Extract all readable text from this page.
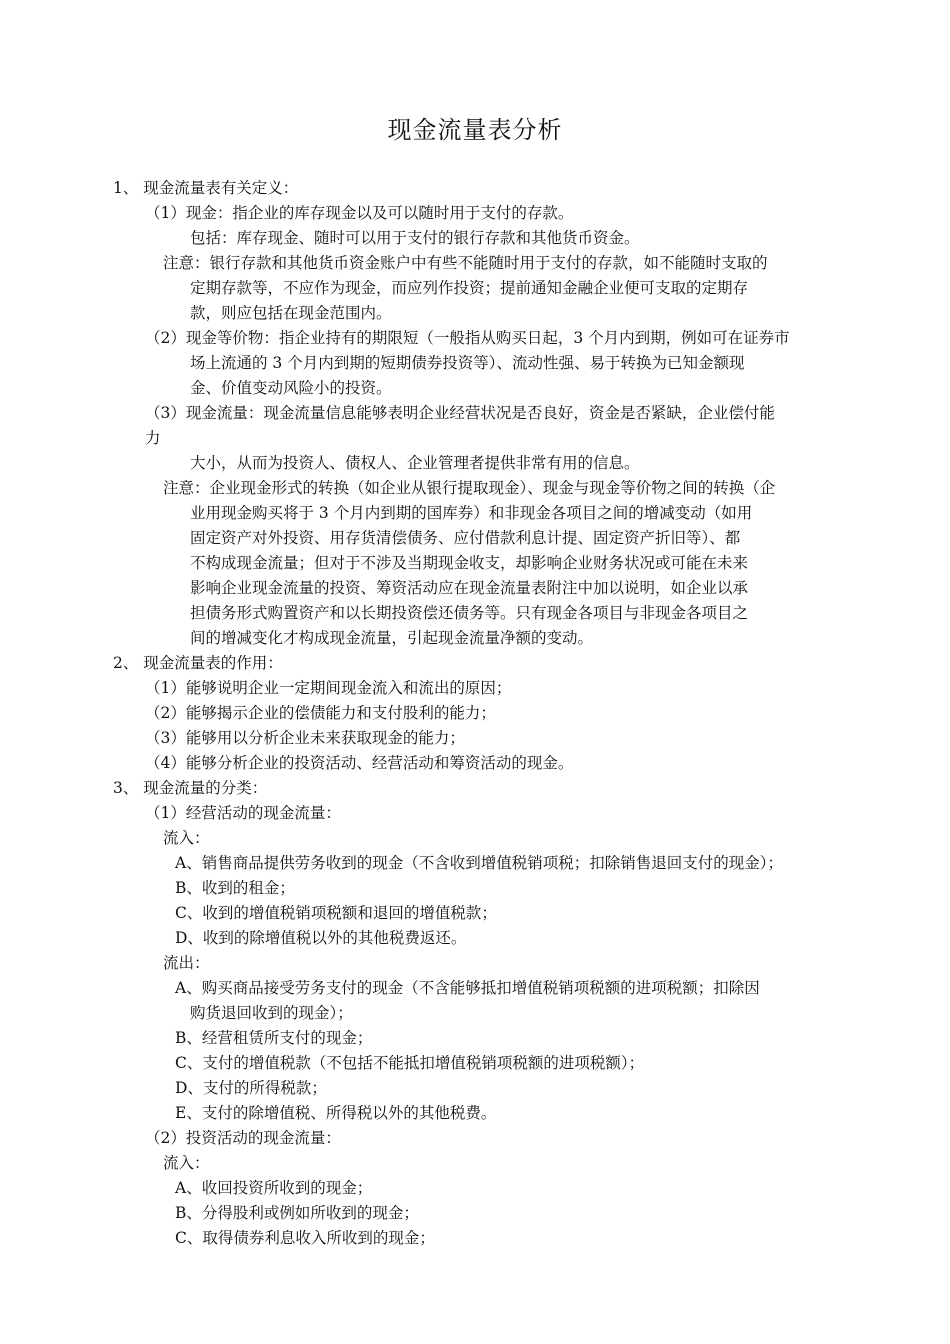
现金流量表分析
1、 现金流量表有关定义：
（1）现金：指企业的库存现金以及可以随时用于支付的存款。
包括：库存现金、随时可以用于支付的银行存款和其他货币资金。
注意：银行存款和其他货币资金账户中有些不能随时用于支付的存款，如不能随时支取的
定期存款等，不应作为现金，而应列作投资；提前通知金融企业便可支取的定期存
款，则应包括在现金范围内。
（2）现金等价物：指企业持有的期限短（一般指从购买日起，3 个月内到期，例如可在证券市
场上流通的 3 个月内到期的短期债券投资等）、流动性强、易于转换为已知金额现
金、价值变动风险小的投资。
（3）现金流量：现金流量信息能够表明企业经营状况是否良好，资金是否紧缺，企业偿付能
力
大小，从而为投资人、债权人、企业管理者提供非常有用的信息。
注意：企业现金形式的转换（如企业从银行提取现金）、现金与现金等价物之间的转换（企
业用现金购买将于 3 个月内到期的国库券）和非现金各项目之间的增减变动（如用
固定资产对外投资、用存货清偿债务、应付借款利息计提、固定资产折旧等）、都
不构成现金流量；但对于不涉及当期现金收支，却影响企业财务状况或可能在未来
影响企业现金流量的投资、筹资活动应在现金流量表附注中加以说明，如企业以承
担债务形式购置资产和以长期投资偿还债务等。只有现金各项目与非现金各项目之
间的增减变化才构成现金流量，引起现金流量净额的变动。
2、 现金流量表的作用：
（1）能够说明企业一定期间现金流入和流出的原因；
（2）能够揭示企业的偿债能力和支付股利的能力；
（3）能够用以分析企业未来获取现金的能力；
（4）能够分析企业的投资活动、经营活动和筹资活动的现金。
3、 现金流量的分类：
（1）经营活动的现金流量：
流入：
A、销售商品提供劳务收到的现金（不含收到增值税销项税；扣除销售退回支付的现金）；
B、收到的租金；
C、收到的增值税销项税额和退回的增值税款；
D、收到的除增值税以外的其他税费返还。
流出：
A、购买商品接受劳务支付的现金（不含能够抵扣增值税销项税额的进项税额；扣除因
购货退回收到的现金）；
B、经营租赁所支付的现金；
C、支付的增值税款（不包括不能抵扣增值税销项税额的进项税额）；
D、支付的所得税款；
E、支付的除增值税、所得税以外的其他税费。
（2）投资活动的现金流量：
流入：
A、收回投资所收到的现金；
B、分得股利或例如所收到的现金；
C、取得债券利息收入所收到的现金；
